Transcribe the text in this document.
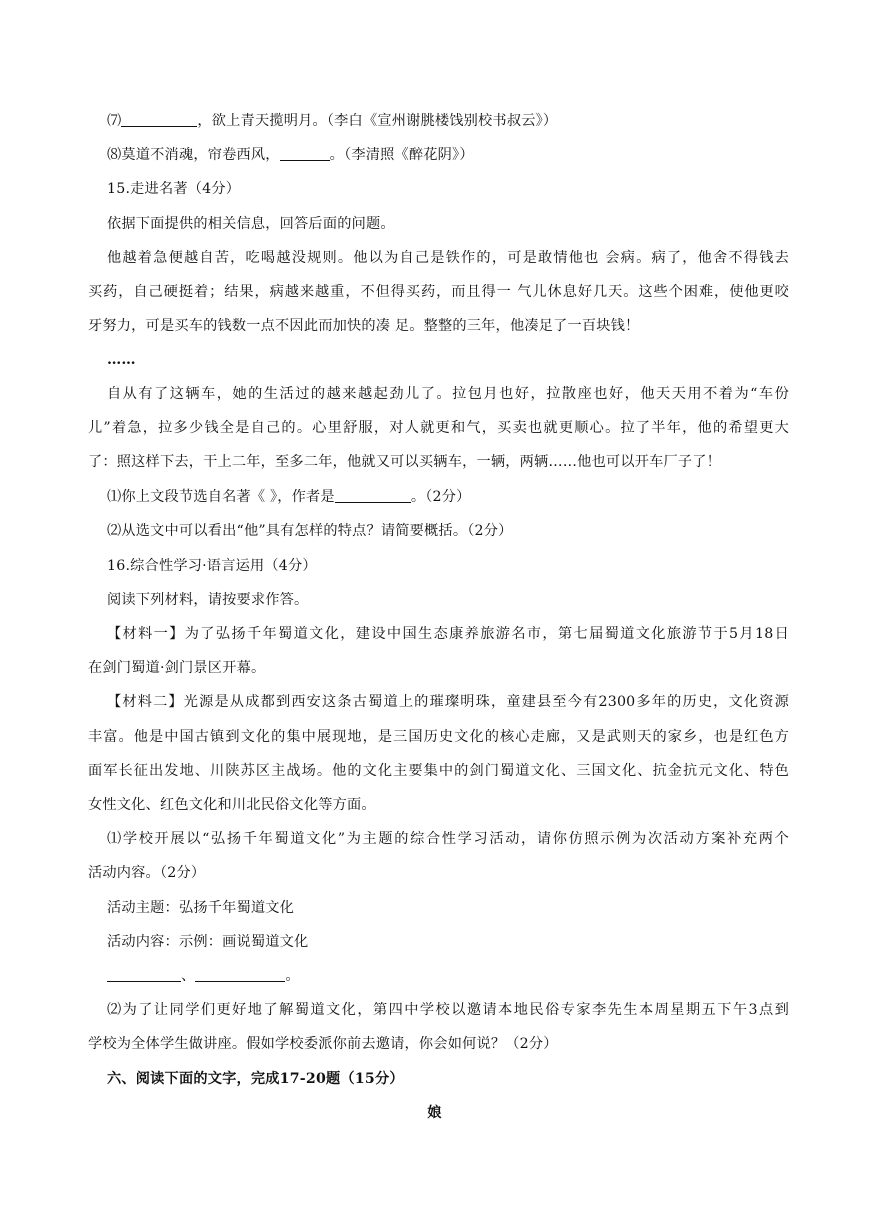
⑺	，欲上青天揽明月。（李白《宣州谢朓楼饯别校书叔云》）
⑻莫道不消魂，帘卷西风，	。（李清照《醉花阴》）
15.走进名著（4分）
依据下面提供的相关信息，回答后面的问题。
他越着急便越自苦，吃喝越没规则。他以为自己是铁作的，可是敢情他也 会病。病了，他舍不得钱去
买药，自己硬挺着；结果，病越来越重，不但得买药，而且得一 气儿休息好几天。这些个困难，使他更咬
牙努力，可是买车的钱数一点不因此而加快的凑 足。整整的三年，他凑足了一百块钱！
……
自从有了这辆车，她的生活过的越来越起劲儿了。拉包月也好，拉散座也好，他天天用不着为“车份
儿”着急，拉多少钱全是自己的。心里舒服，对人就更和气，买卖也就更顺心。拉了半年，他的希望更大
了：照这样下去，干上二年，至多二年，他就又可以买辆车，一辆，两辆……他也可以开车厂子了！
⑴你上文段节选自名著《 》，作者是	。（2分）
⑵从选文中可以看出“他”具有怎样的特点？请简要概括。（2分）
16.综合性学习·语言运用（4分）
阅读下列材料，请按要求作答。
【材料一】为了弘扬千年蜀道文化，建设中国生态康养旅游名市，第七届蜀道文化旅游节于5月18日
在剑门蜀道·剑门景区开幕。
【材料二】光源是从成都到西安这条古蜀道上的璀璨明珠，童建县至今有2300多年的历史，文化资源
丰富。他是中国古镇到文化的集中展现地，是三国历史文化的核心走廊，又是武则天的家乡，也是红色方
面军长征出发地、川陕苏区主战场。他的文化主要集中的剑门蜀道文化、三国文化、抗金抗元文化、特色
女性文化、红色文化和川北民俗文化等方面。
⑴学校开展以“弘扬千年蜀道文化”为主题的综合性学习活动，请你仿照示例为次活动方案补充两个
活动内容。（2分）
活动主题：弘扬千年蜀道文化
活动内容：示例：画说蜀道文化
、	。
⑵为了让同学们更好地了解蜀道文化，第四中学校以邀请本地民俗专家李先生本周星期五下午3点到
学校为全体学生做讲座。假如学校委派你前去邀请，你会如何说？（2分）
六、阅读下面的文字，完成17-20题（15分）
娘
